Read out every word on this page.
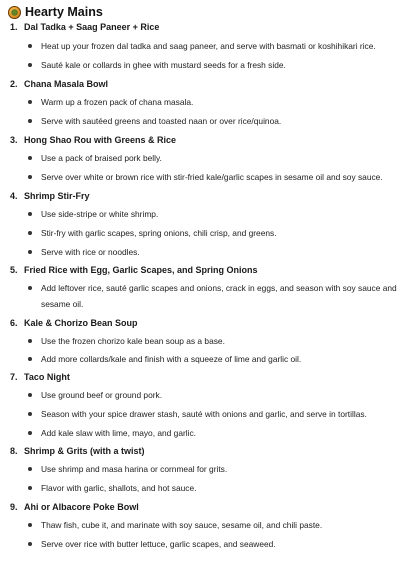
Hearty Mains
1. Dal Tadka + Saag Paneer + Rice
Heat up your frozen dal tadka and saag paneer, and serve with basmati or koshihikari rice.
Sauté kale or collards in ghee with mustard seeds for a fresh side.
2. Chana Masala Bowl
Warm up a frozen pack of chana masala.
Serve with sautéed greens and toasted naan or over rice/quinoa.
3. Hong Shao Rou with Greens & Rice
Use a pack of braised pork belly.
Serve over white or brown rice with stir-fried kale/garlic scapes in sesame oil and soy sauce.
4. Shrimp Stir-Fry
Use side-stripe or white shrimp.
Stir-fry with garlic scapes, spring onions, chili crisp, and greens.
Serve with rice or noodles.
5. Fried Rice with Egg, Garlic Scapes, and Spring Onions
Add leftover rice, sauté garlic scapes and onions, crack in eggs, and season with soy sauce and sesame oil.
6. Kale & Chorizo Bean Soup
Use the frozen chorizo kale bean soup as a base.
Add more collards/kale and finish with a squeeze of lime and garlic oil.
7. Taco Night
Use ground beef or ground pork.
Season with your spice drawer stash, sauté with onions and garlic, and serve in tortillas.
Add kale slaw with lime, mayo, and garlic.
8. Shrimp & Grits (with a twist)
Use shrimp and masa harina or cornmeal for grits.
Flavor with garlic, shallots, and hot sauce.
9. Ahi or Albacore Poke Bowl
Thaw fish, cube it, and marinate with soy sauce, sesame oil, and chili paste.
Serve over rice with butter lettuce, garlic scapes, and seaweed.
